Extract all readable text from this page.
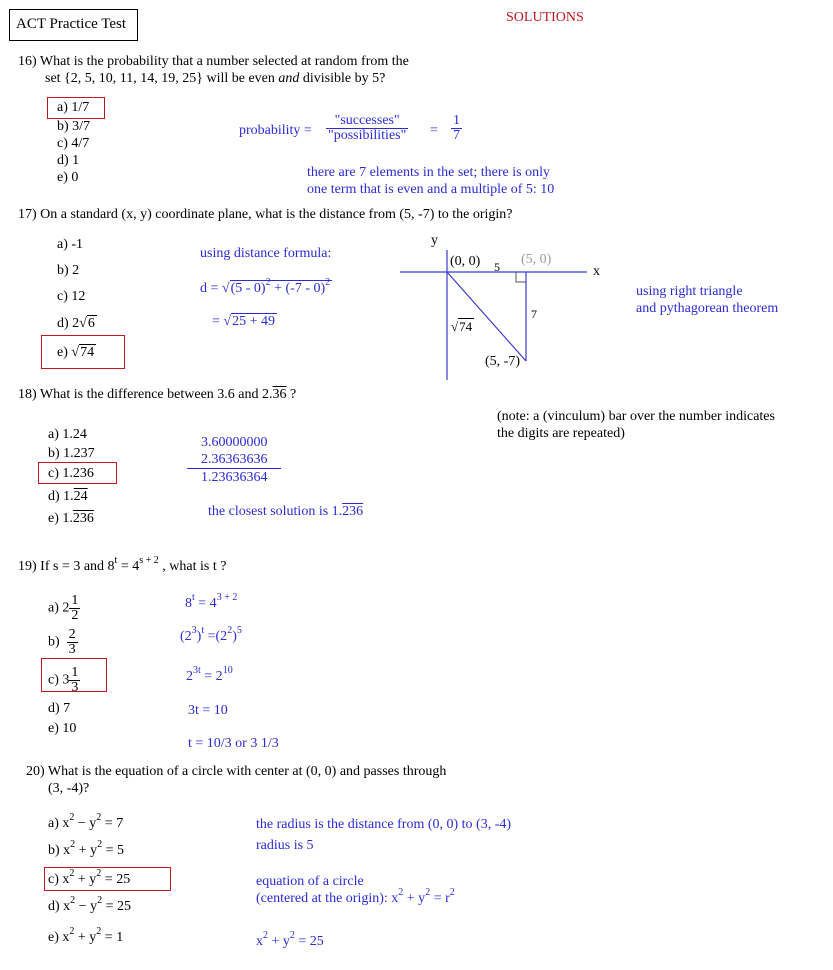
ACT Practice Test	SOLUTIONS
16) What is the probability that a number selected at random from the
set {2, 5, 10, 11, 14, 19, 25} will be even and divisible by 5?
a) 1/7
b) 3/7
c) 4/7
d) 1
e) 0
probability = $\frac{\text{"successes"}}{\text{"possibilities"}} = \frac{1}{7}$
there are 7 elements in the set; there is only
one term that is even and a multiple of 5: 10
17) On a standard (x, y) coordinate plane, what is the distance from (5, -7) to the origin?
a) -1
b) 2
c) 12
d) 2√6
e) √74
using distance formula:
d = √(5 - 0)$^2$ + (-7 - 0)$^2$
= √25 + 49
y
x
(0, 0) 5 (5, 0)
7
√74
(5, -7)
using right triangle
and pythagorean theorem
18) What is the difference between 3.6 and 2.36 ?
(note: a (vinculum) bar over the number indicates
the digits are repeated)
a) 1.24
b) 1.237
c) 1.236
d) 1.24
e) 1.236
3.60000000
2.36363636
1.23636364
the closest solution is 1.236
19) If s = 3 and $8^t = 4^{s + 2}$ , what is t ?
a) $2 \frac{1}{2}$
$b) \frac{2}{3}$
c) $3 \frac{1}{3}$
d) 7
e) 10
$8^t = 4^{3 + 2}$
$(2^3)^t =(2^2)^5$
$2^{3t} = 2^{10}$
3t = 10
t = 10/3 or 3 1/3
20) What is the equation of a circle with center at (0, 0) and passes through
(3, -4)?
a) $x^2 - y^2 = 7$
b) $x^2 + y^2 = 5$
c) $x^2 + y^2 = 25$
d) $x^2 - y^2 = 25$
e) $x^2 + y^2 = 1$
the radius is the distance from (0, 0) to (3, -4)
radius is 5
equation of a circle
(centered at the origin): $x^2 + y^2 = r^2$
$x^2 + y^2 = 25$
